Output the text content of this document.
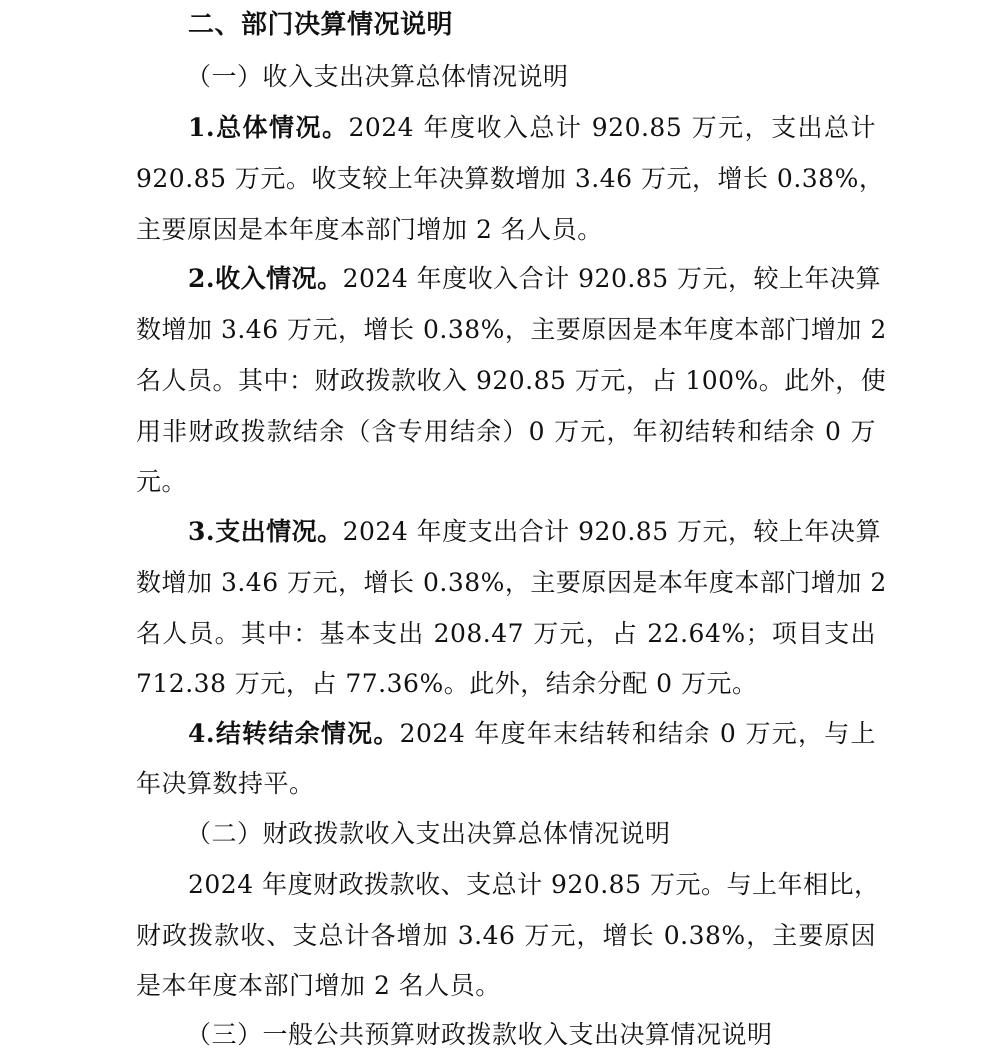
二、部门决算情况说明
（一）收入支出决算总体情况说明
1.总体情况。2024 年度收入总计 920.85 万元，支出总计
920.85 万元。收支较上年决算数增加 3.46 万元，增长 0.38%，
主要原因是本年度本部门增加 2 名人员。
2.收入情况。2024 年度收入合计 920.85 万元，较上年决算
数增加 3.46 万元，增长 0.38%，主要原因是本年度本部门增加 2
名人员。其中：财政拨款收入 920.85 万元，占 100%。此外，使
用非财政拨款结余（含专用结余）0 万元，年初结转和结余 0 万
元。
3.支出情况。2024 年度支出合计 920.85 万元，较上年决算
数增加 3.46 万元，增长 0.38%，主要原因是本年度本部门增加 2
名人员。其中：基本支出 208.47 万元，占 22.64%；项目支出
712.38 万元，占 77.36%。此外，结余分配 0 万元。
4.结转结余情况。2024 年度年末结转和结余 0 万元，与上
年决算数持平。
（二）财政拨款收入支出决算总体情况说明
2024 年度财政拨款收、支总计 920.85 万元。与上年相比，
财政拨款收、支总计各增加 3.46 万元，增长 0.38%，主要原因
是本年度本部门增加 2 名人员。
（三）一般公共预算财政拨款收入支出决算情况说明
